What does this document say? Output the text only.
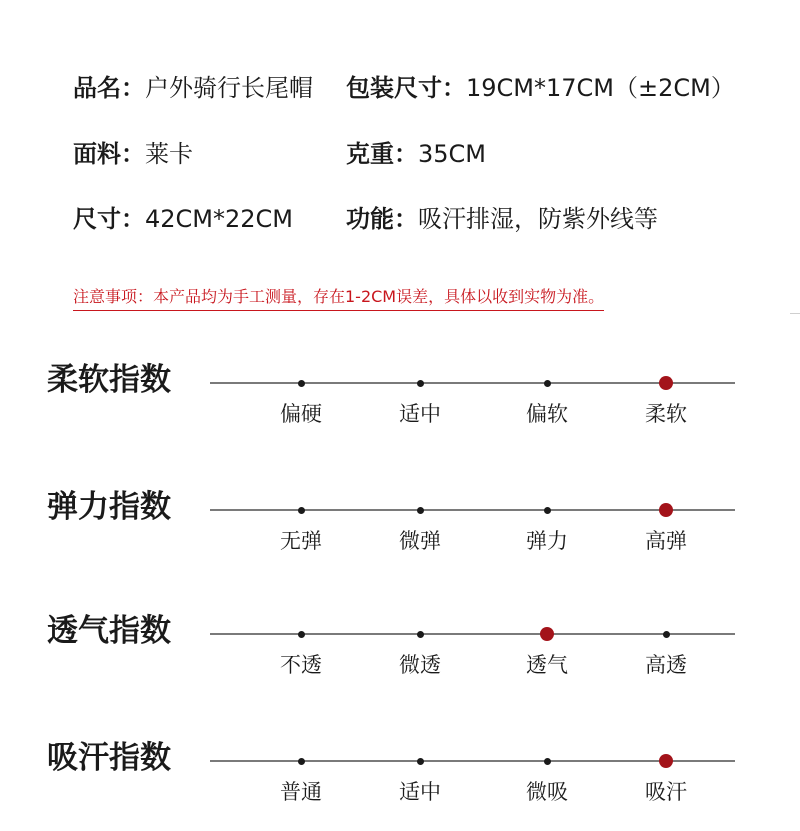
品名：户外骑行长尾帽 包装尺寸：19CM*17CM（±2CM）
面料：莱卡	克重：35CM
尺寸：42CM*22CM 功能：吸汗排湿，防紫外线等
注意事项：本产品均为手工测量，存在1-2CM误差，具体以收到实物为准。
柔软指数
偏硬	适中	偏软	柔软
弹力指数
无弹	微弹	弹力	高弹
透气指数
不透	微透	透气	高透
吸汗指数
普通	适中	微吸	吸汗
